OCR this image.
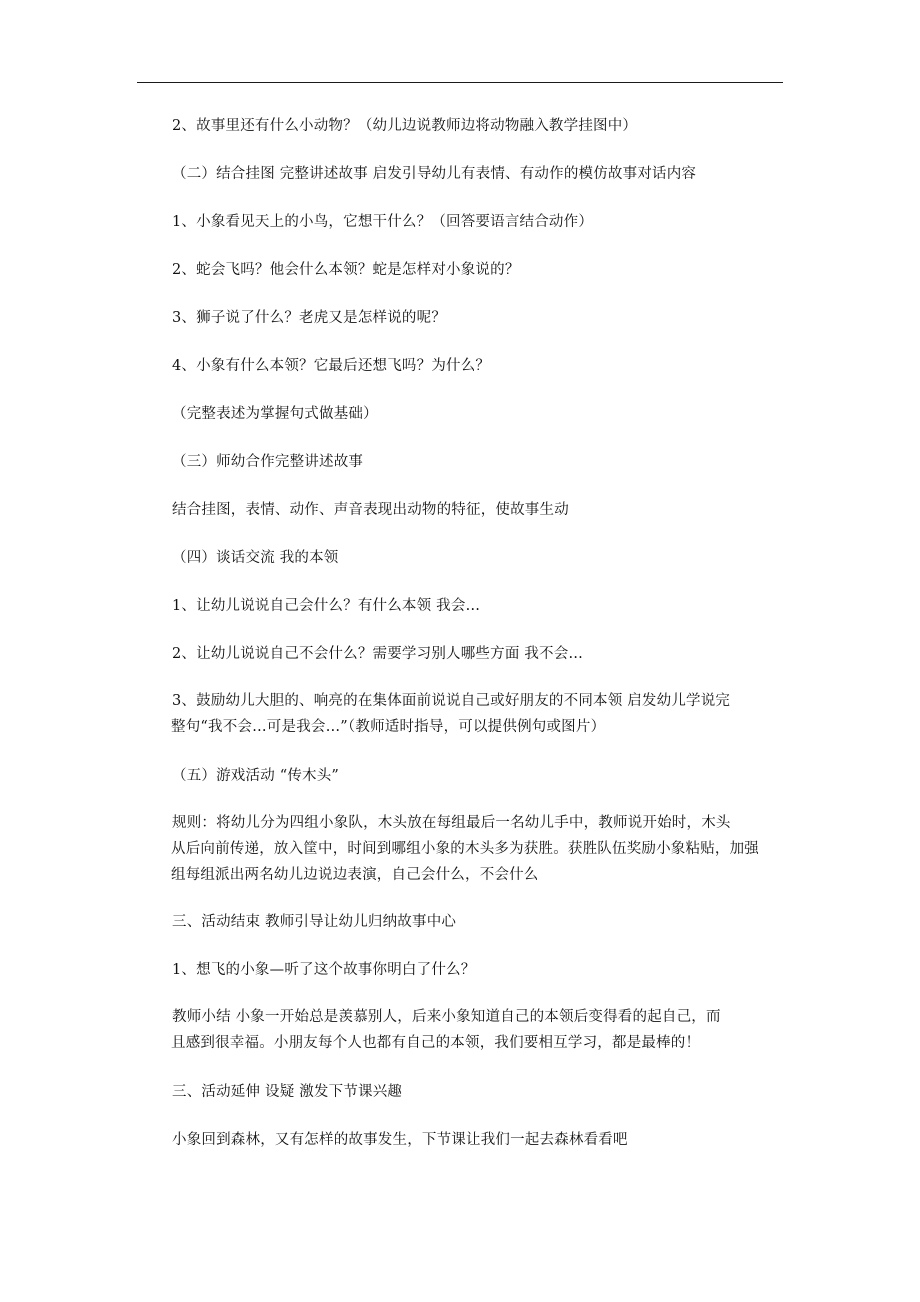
2、故事里还有什么小动物？（幼儿边说教师边将动物融入教学挂图中）
（二）结合挂图 完整讲述故事 启发引导幼儿有表情、有动作的模仿故事对话内容
1、小象看见天上的小鸟，它想干什么？（回答要语言结合动作）
2、蛇会飞吗？他会什么本领？蛇是怎样对小象说的？
3、狮子说了什么？老虎又是怎样说的呢？
4、小象有什么本领？它最后还想飞吗？为什么？
（完整表述为掌握句式做基础）
（三）师幼合作完整讲述故事
结合挂图，表情、动作、声音表现出动物的特征，使故事生动
（四）谈话交流 我的本领
1、让幼儿说说自己会什么？有什么本领 我会…
2、让幼儿说说自己不会什么？需要学习别人哪些方面 我不会…
3、鼓励幼儿大胆的、响亮的在集体面前说说自己或好朋友的不同本领 启发幼儿学说完
整句“我不会…可是我会…”（教师适时指导，可以提供例句或图片）
（五）游戏活动 “传木头”
规则：将幼儿分为四组小象队，木头放在每组最后一名幼儿手中，教师说开始时，木头
从后向前传递，放入筐中，时间到哪组小象的木头多为获胜。获胜队伍奖励小象粘贴，加强
组每组派出两名幼儿边说边表演，自己会什么，不会什么
三、活动结束 教师引导让幼儿归纳故事中心
1、想飞的小象—听了这个故事你明白了什么？
教师小结 小象一开始总是羡慕别人，后来小象知道自己的本领后变得看的起自己，而
且感到很幸福。小朋友每个人也都有自己的本领，我们要相互学习，都是最棒的！
三、活动延伸 设疑 激发下节课兴趣
小象回到森林，又有怎样的故事发生，下节课让我们一起去森林看看吧
